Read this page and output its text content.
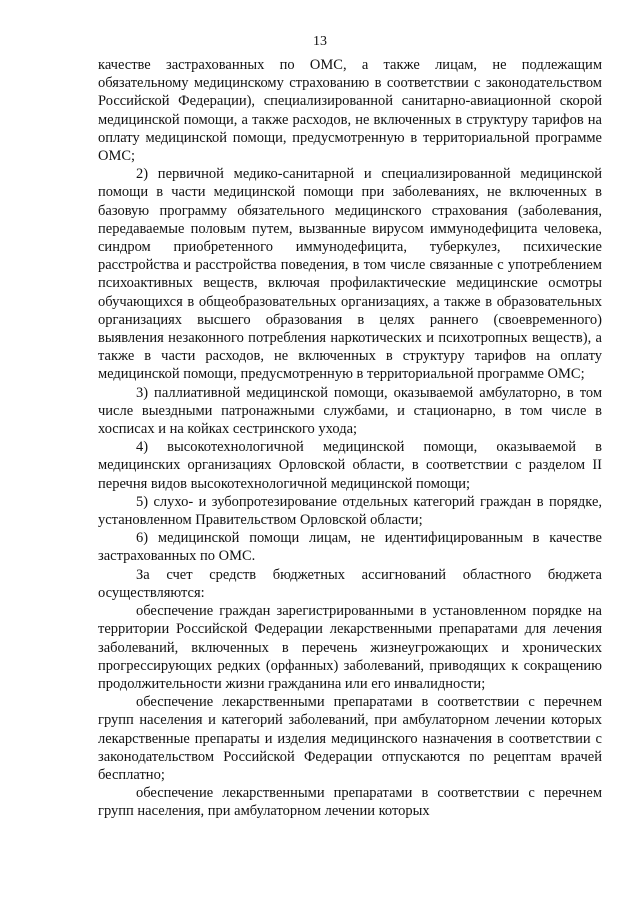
13

качестве застрахованных по ОМС, а также лицам, не подлежащим обязательному медицинскому страхованию в соответствии с законодательством Российской Федерации), специализированной санитарно-авиационной скорой медицинской помощи, а также расходов, не включенных в структуру тарифов на оплату медицинской помощи, предусмотренную в территориальной программе ОМС;

2) первичной медико-санитарной и специализированной медицинской помощи в части медицинской помощи при заболеваниях, не включенных в базовую программу обязательного медицинского страхования (заболевания, передаваемые половым путем, вызванные вирусом иммунодефицита человека, синдром приобретенного иммунодефицита, туберкулез, психические расстройства и расстройства поведения, в том числе связанные с употреблением психоактивных веществ, включая профилактические медицинские осмотры обучающихся в общеобразовательных организациях, а также в образовательных организациях высшего образования в целях раннего (своевременного) выявления незаконного потребления наркотических и психотропных веществ), а также в части расходов, не включенных в структуру тарифов на оплату медицинской помощи, предусмотренную в территориальной программе ОМС;

3) паллиативной медицинской помощи, оказываемой амбулаторно, в том числе выездными патронажными службами, и стационарно, в том числе в хосписах и на койках сестринского ухода;

4) высокотехнологичной медицинской помощи, оказываемой в медицинских организациях Орловской области, в соответствии с разделом II перечня видов высокотехнологичной медицинской помощи;

5) слухо- и зубопротезирование отдельных категорий граждан в порядке, установленном Правительством Орловской области;

6) медицинской помощи лицам, не идентифицированным в качестве застрахованных по ОМС.

За счет средств бюджетных ассигнований областного бюджета осуществляются:

обеспечение граждан зарегистрированными в установленном порядке на территории Российской Федерации лекарственными препаратами для лечения заболеваний, включенных в перечень жизнеугрожающих и хронических прогрессирующих редких (орфанных) заболеваний, приводящих к сокращению продолжительности жизни гражданина или его инвалидности;

обеспечение лекарственными препаратами в соответствии с перечнем групп населения и категорий заболеваний, при амбулаторном лечении которых лекарственные препараты и изделия медицинского назначения в соответствии с законодательством Российской Федерации отпускаются по рецептам врачей бесплатно;

обеспечение лекарственными препаратами в соответствии с перечнем групп населения, при амбулаторном лечении которых
